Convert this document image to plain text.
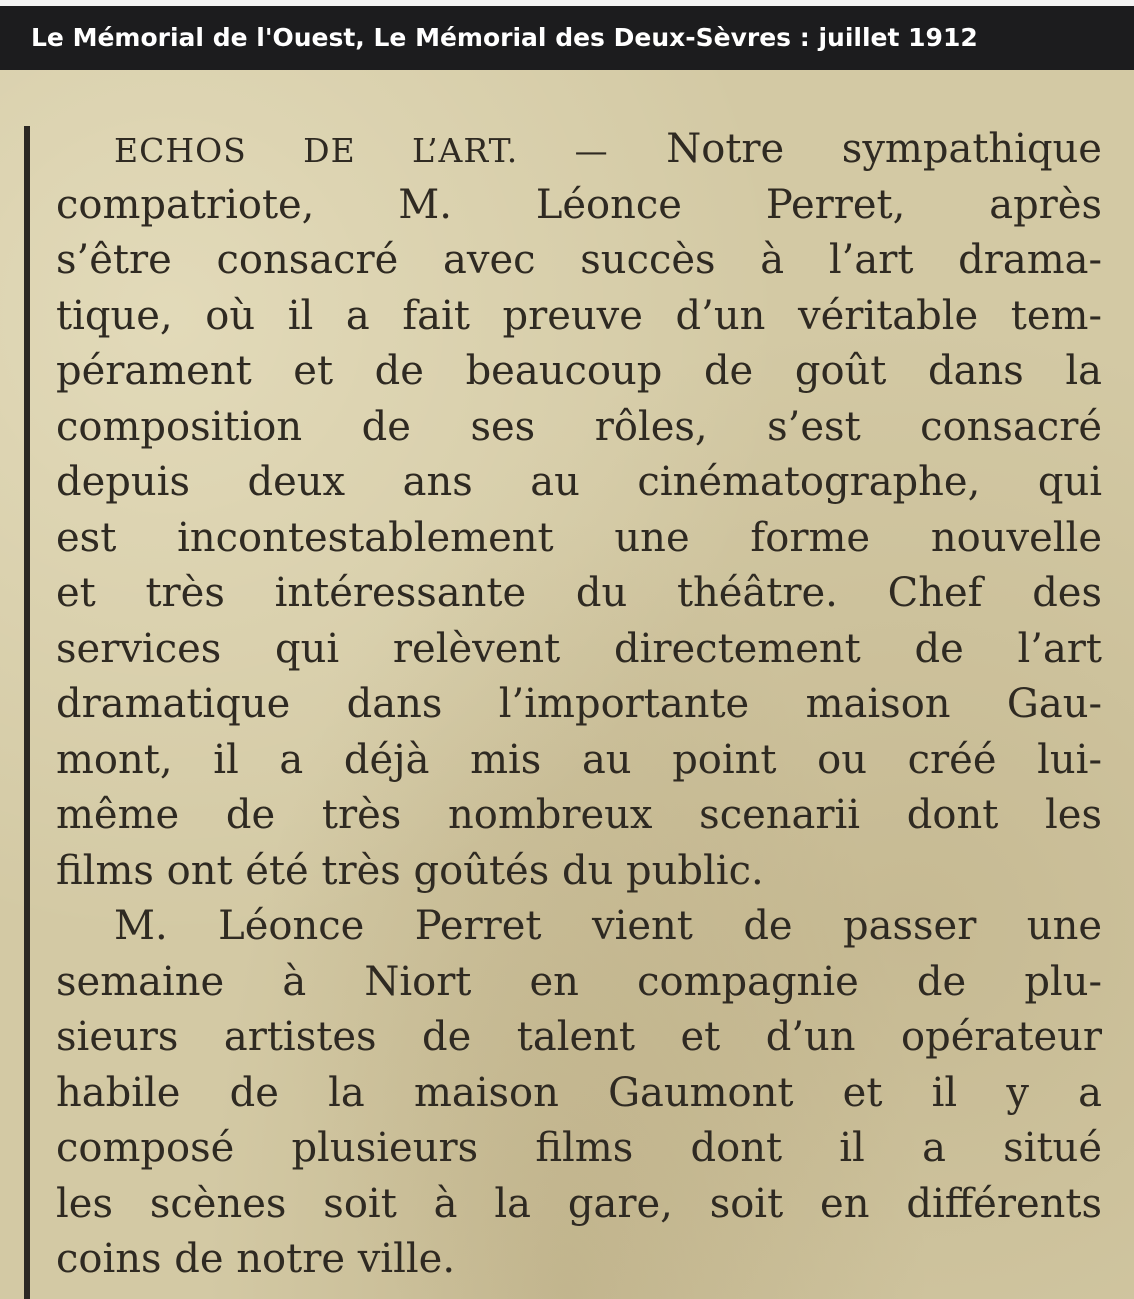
Le Mémorial de l'Ouest, Le Mémorial des Deux-Sèvres : juillet 1912
ECHOS DE L’ART. — Notre sympathique
compatriote, M. Léonce Perret, après
s’être consacré avec succès à l’art drama-
tique, où il a fait preuve d’un véritable tem-
pérament et de beaucoup de goût dans la
composition de ses rôles, s’est consacré
depuis deux ans au cinématographe, qui
est incontestablement une forme nouvelle
et très intéressante du théâtre. Chef des
services qui relèvent directement de l’art
dramatique dans l’importante maison Gau-
mont, il a déjà mis au point ou créé lui-
même de très nombreux scenarii dont les
films ont été très goûtés du public.
M. Léonce Perret vient de passer une
semaine à Niort en compagnie de plu-
sieurs artistes de talent et d’un opérateur
habile de la maison Gaumont et il y a
composé plusieurs films dont il a situé
les scènes soit à la gare, soit en différents
coins de notre ville.
